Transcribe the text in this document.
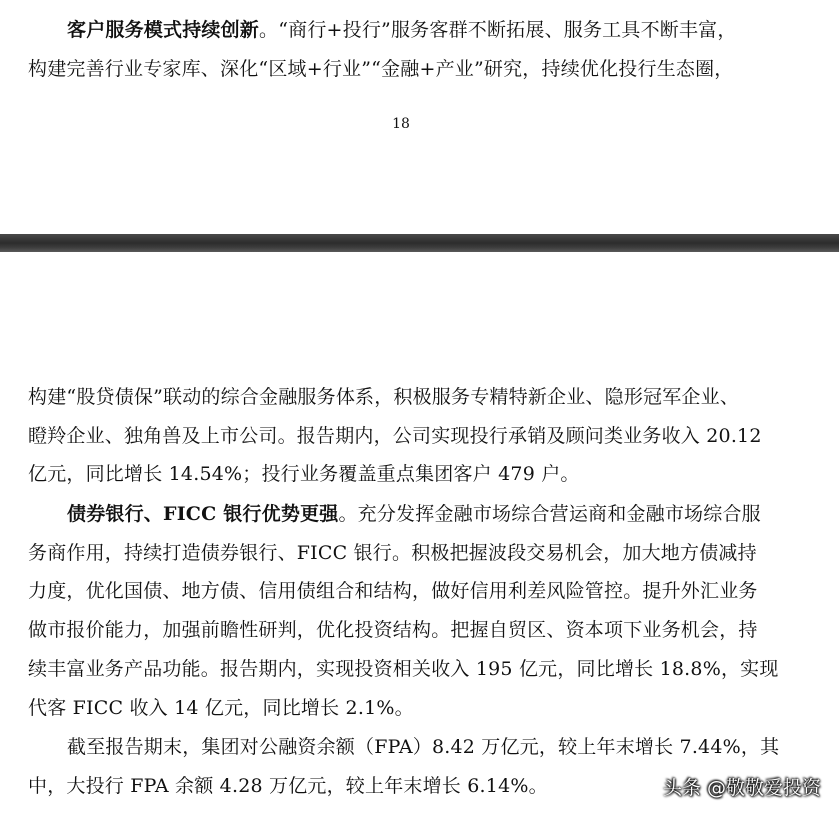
客户服务模式持续创新。“商行+投行”服务客群不断拓展、服务工具不断丰富，
构建完善行业专家库、深化“区域+行业”“金融+产业”研究，持续优化投行生态圈，
18
构建“股贷债保”联动的综合金融服务体系，积极服务专精特新企业、隐形冠军企业、
瞪羚企业、独角兽及上市公司。报告期内，公司实现投行承销及顾问类业务收入 20.12
亿元，同比增长 14.54%；投行业务覆盖重点集团客户 479 户。
债券银行、FICC 银行优势更强。充分发挥金融市场综合营运商和金融市场综合服
务商作用，持续打造债券银行、FICC 银行。积极把握波段交易机会，加大地方债减持
力度，优化国债、地方债、信用债组合和结构，做好信用利差风险管控。提升外汇业务
做市报价能力，加强前瞻性研判，优化投资结构。把握自贸区、资本项下业务机会，持
续丰富业务产品功能。报告期内，实现投资相关收入 195 亿元，同比增长 18.8%，实现
代客 FICC 收入 14 亿元，同比增长 2.1%。
截至报告期末，集团对公融资余额（FPA）8.42 万亿元，较上年末增长 7.44%，其
中，大投行 FPA 余额 4.28 万亿元，较上年末增长 6.14%。	头条 @敬敬爱投资
